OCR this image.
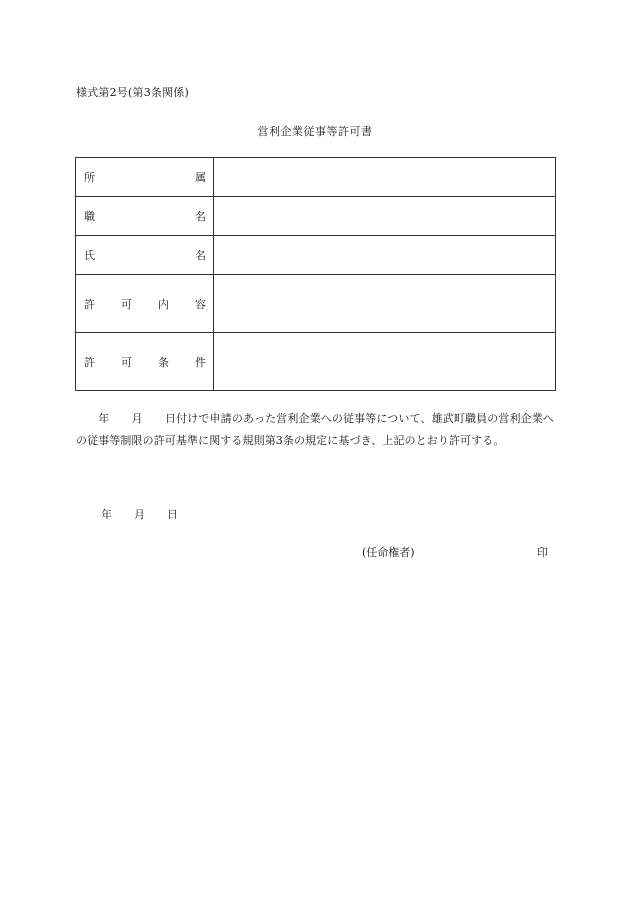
様式第2号(第3条関係)
営利企業従事等許可書
所 属	

職 名	

氏 名	

許 可 内 容	

許 可 条 件	

　　年　　月　　日付けで申請のあった営利企業への従事等について、雄武町職員の営利企業への従事等制限の許可基準に関する規則第3条の規定に基づき、上記のとおり許可する。
年　　月　　日
(任命権者)	印
